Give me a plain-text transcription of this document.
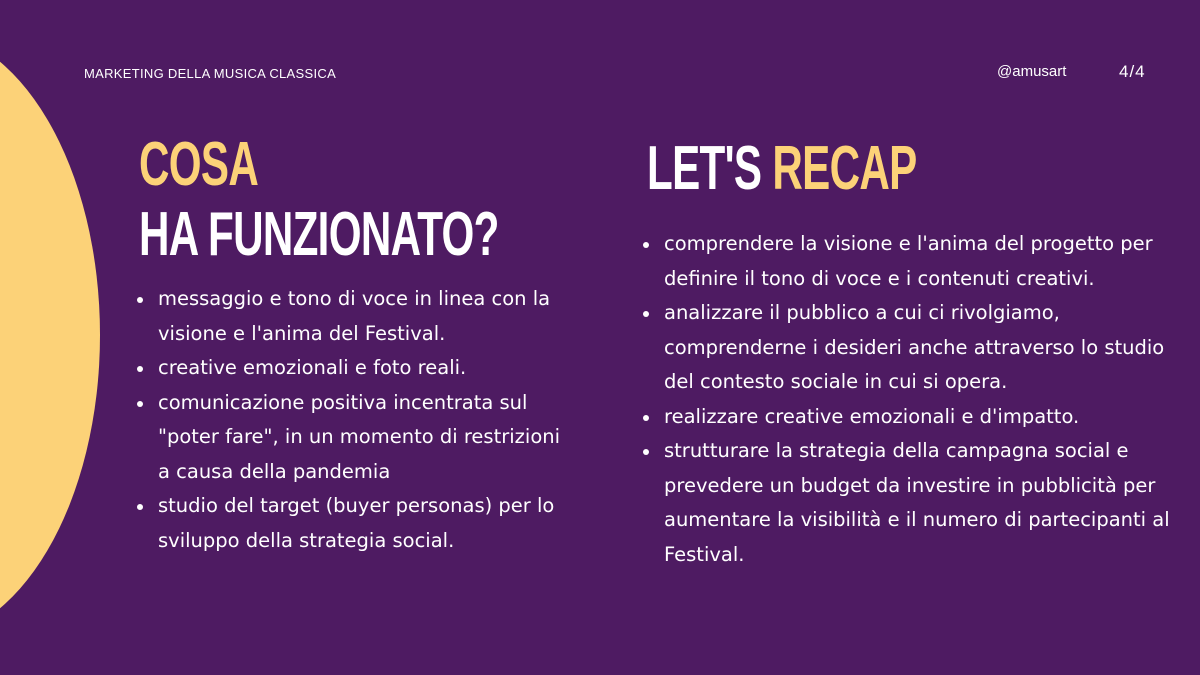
MARKETING DELLA MUSICA CLASSICA	@amusart	4/4
COSA
HA FUNZIONATO?
LET'S RECAP
messaggio e tono di voce in linea con la visione e l'anima del Festival.
creative emozionali e foto reali.
comunicazione positiva incentrata sul "poter fare", in un momento di restrizioni a causa della pandemia
studio del target (buyer personas) per lo sviluppo della strategia social.
comprendere la visione e l'anima del progetto per definire il tono di voce e i contenuti creativi.
analizzare il pubblico a cui ci rivolgiamo, comprenderne i desideri anche attraverso lo studio del contesto sociale in cui si opera.
realizzare creative emozionali e d'impatto.
strutturare la strategia della campagna social e prevedere un budget da investire in pubblicità per aumentare la visibilità e il numero di partecipanti al Festival.
